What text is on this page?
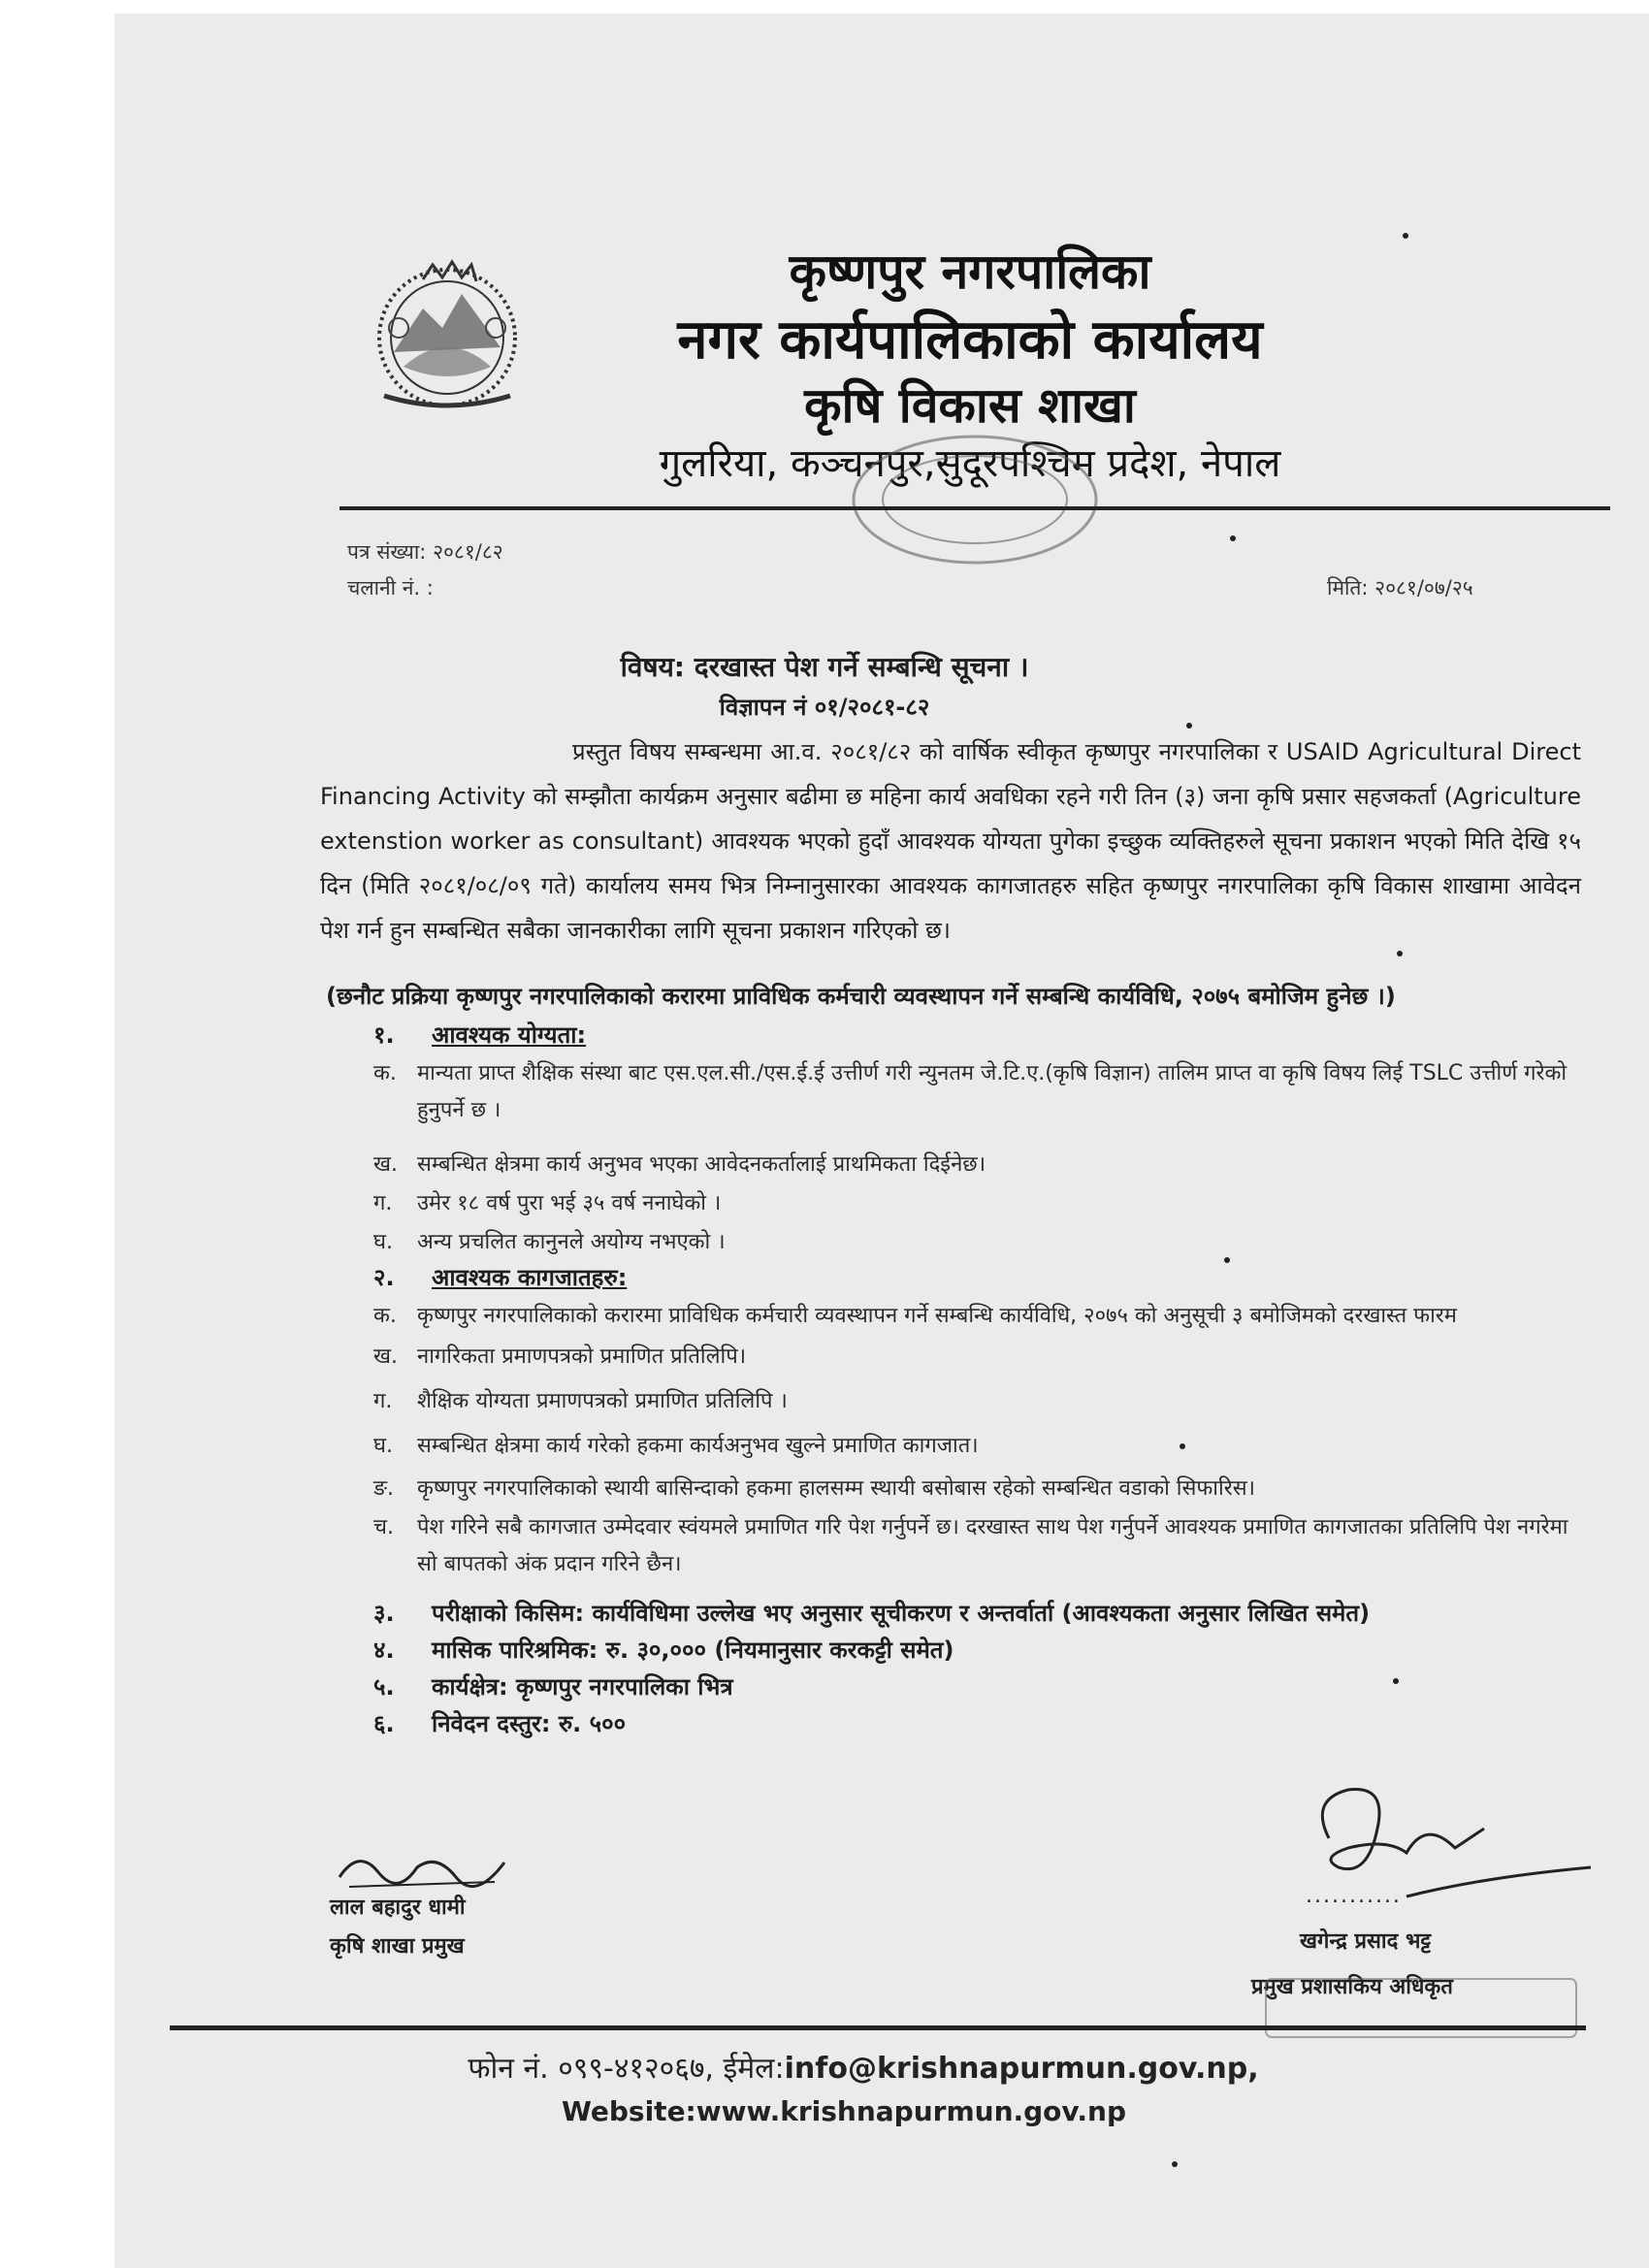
कृष्णपुर नगरपालिका
नगर कार्यपालिकाको कार्यालय
कृषि विकास शाखा
गुलरिया, कञ्चनपुर,सुदूरपश्चिम प्रदेश, नेपाल
पत्र संख्या: २०८१/८२
चलानी नं. :	मिति: २०८१/०७/२५
विषय: दरखास्त पेश गर्ने सम्बन्धि सूचना ।
विज्ञापन नं ०१/२०८१-८२
प्रस्तुत विषय सम्बन्धमा आ.व. २०८१/८२ को वार्षिक स्वीकृत कृष्णपुर नगरपालिका र USAID Agricultural Direct Financing Activity को सम्झौता कार्यक्रम अनुसार बढीमा छ महिना कार्य अवधिका रहने गरी तिन (३) जना कृषि प्रसार सहजकर्ता (Agriculture extenstion worker as consultant) आवश्यक भएको हुदाँ आवश्यक योग्यता पुगेका इच्छुक व्यक्तिहरुले सूचना प्रकाशन भएको मिति देखि १५ दिन (मिति २०८१/०८/०९ गते) कार्यालय समय भित्र निम्नानुसारका आवश्यक कागजातहरु सहित कृष्णपुर नगरपालिका कृषि विकास शाखामा आवेदन पेश गर्न हुन सम्बन्धित सबैका जानकारीका लागि सूचना प्रकाशन गरिएको छ।
(छनौट प्रक्रिया कृष्णपुर नगरपालिकाको करारमा प्राविधिक कर्मचारी व्यवस्थापन गर्ने सम्बन्धि कार्यविधि, २०७५ बमोजिम हुनेछ ।)
१. आवश्यक योग्यता:
क. मान्यता प्राप्त शैक्षिक संस्था बाट एस.एल.सी./एस.ई.ई उत्तीर्ण गरी न्युनतम जे.टि.ए.(कृषि विज्ञान) तालिम प्राप्त वा कृषि विषय लिई TSLC उत्तीर्ण गरेको हुनुपर्ने छ ।
ख. सम्बन्धित क्षेत्रमा कार्य अनुभव भएका आवेदनकर्तालाई प्राथमिकता दिईनेछ।
ग.	उमेर १८ वर्ष पुरा भई ३५ वर्ष ननाघेको ।
घ.	अन्य प्रचलित कानुनले अयोग्य नभएको ।
२. आवश्यक कागजातहरु:
क. कृष्णपुर नगरपालिकाको करारमा प्राविधिक कर्मचारी व्यवस्थापन गर्ने सम्बन्धि कार्यविधि, २०७५ को अनुसूची ३ बमोजिमको दरखास्त फारम
ख. नागरिकता प्रमाणपत्रको प्रमाणित प्रतिलिपि।
ग.	शैक्षिक योग्यता प्रमाणपत्रको प्रमाणित प्रतिलिपि ।
घ.	सम्बन्धित क्षेत्रमा कार्य गरेको हकमा कार्यअनुभव खुल्ने प्रमाणित कागजात।
ङ.	कृष्णपुर नगरपालिकाको स्थायी बासिन्दाको हकमा हालसम्म स्थायी बसोबास रहेको सम्बन्धित वडाको सिफारिस।
च.	पेश गरिने सबै कागजात उम्मेदवार स्वंयमले प्रमाणित गरि पेश गर्नुपर्ने छ। दरखास्त साथ पेश गर्नुपर्ने आवश्यक प्रमाणित कागजातका प्रतिलिपि पेश नगरेमा सो बापतको अंक प्रदान गरिने छैन।
३. परीक्षाको किसिम: कार्यविधिमा उल्लेख भए अनुसार सूचीकरण र अन्तर्वार्ता (आवश्यकता अनुसार लिखित समेत)
४. मासिक पारिश्रमिक: रु. ३०,००० (नियमानुसार करकट्टी समेत)
५. कार्यक्षेत्र: कृष्णपुर नगरपालिका भित्र
६. निवेदन दस्तुर: रु. ५००
लाल बहादुर धामी
कृषि शाखा प्रमुख
...........
खगेन्द्र प्रसाद भट्ट
प्रमुख प्रशासकिय अधिकृत
फोन नं. ०९९-४१२०६७, ईमेल:info@krishnapurmun.gov.np,
Website:www.krishnapurmun.gov.np
